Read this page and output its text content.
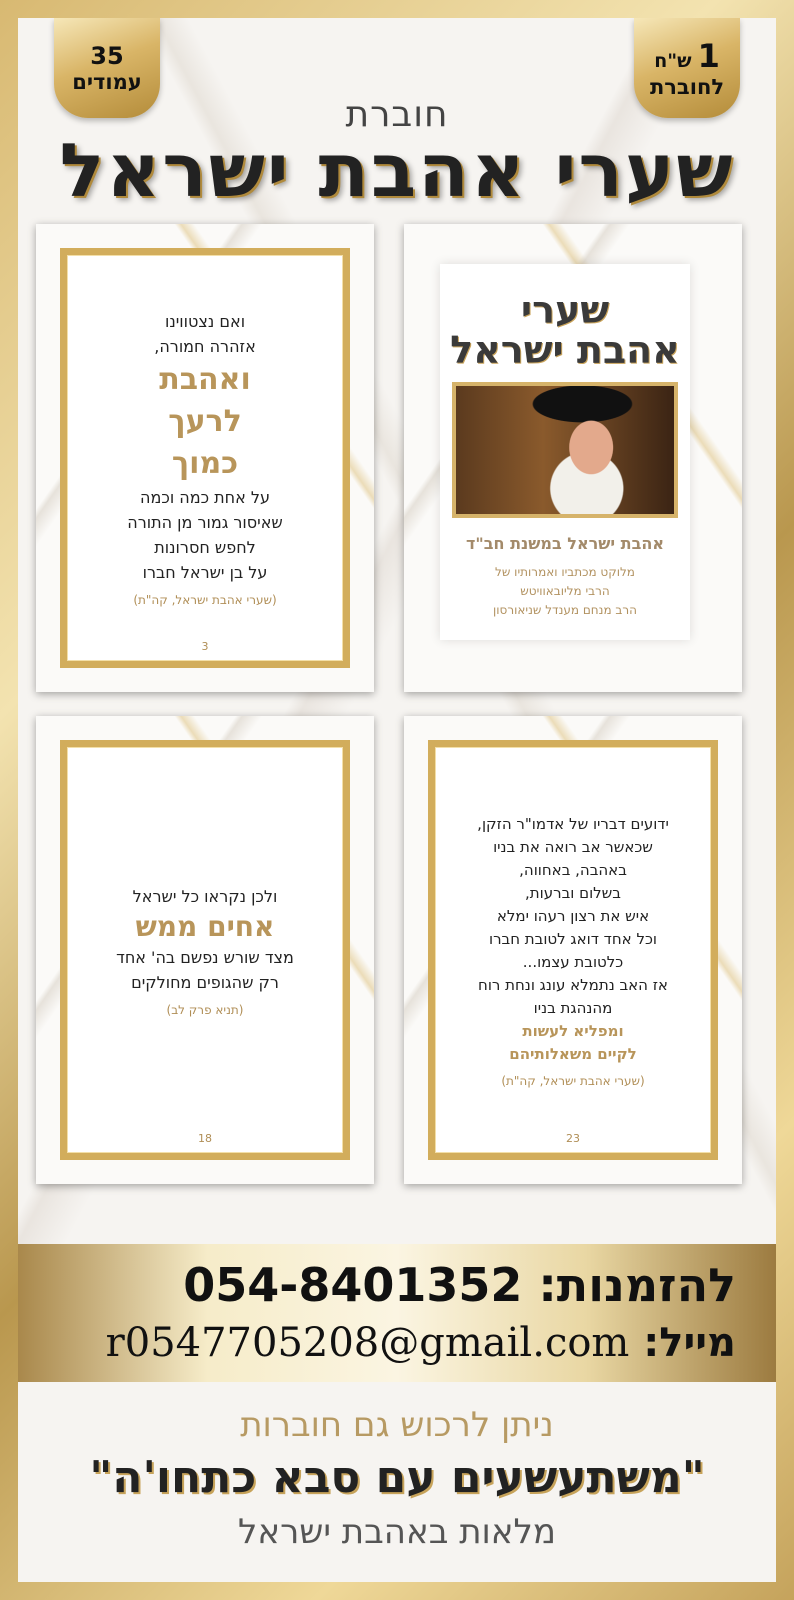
35
עמודים
1
ש"ח
לחוברת
חוברת
שערי אהבת ישראל
שערי
אהבת ישראל
אהבת ישראל במשנת חב"ד
מלוקט מכתביו ואמרותיו של
הרבי מליובאוויטש
הרב מנחם מענדל שניאורסון
ואם נצטווינו
אזהרה חמורה,
ואהבת
לרעך
כמוך
על אחת כמה וכמה
שאיסור גמור מן התורה
לחפש חסרונות
על בן ישראל חברו
(שערי אהבת ישראל, קה"ת)
3
ידועים דבריו של אדמו"ר הזקן,
שכאשר אב רואה את בניו
באהבה, באחווה,
בשלום וברעות,
איש את רצון רעהו ימלא
וכל אחד דואג לטובת חברו
כלטובת עצמו...
אז האב נתמלא עונג ונחת רוח
מהנהגת בניו
ומפליא לעשות
לקיים משאלותיהם
(שערי אהבת ישראל, קה"ת)
23
ולכן נקראו כל ישראל
אחים ממש
מצד שורש נפשם בה' אחד
רק שהגופים מחולקים
(תניא פרק לב)
18
להזמנות: 054-8401352
מייל: r0547705208@gmail.com
ניתן לרכוש גם חוברות
"משתעשעים עם סבא כתחו'ה"
מלאות באהבת ישראל
